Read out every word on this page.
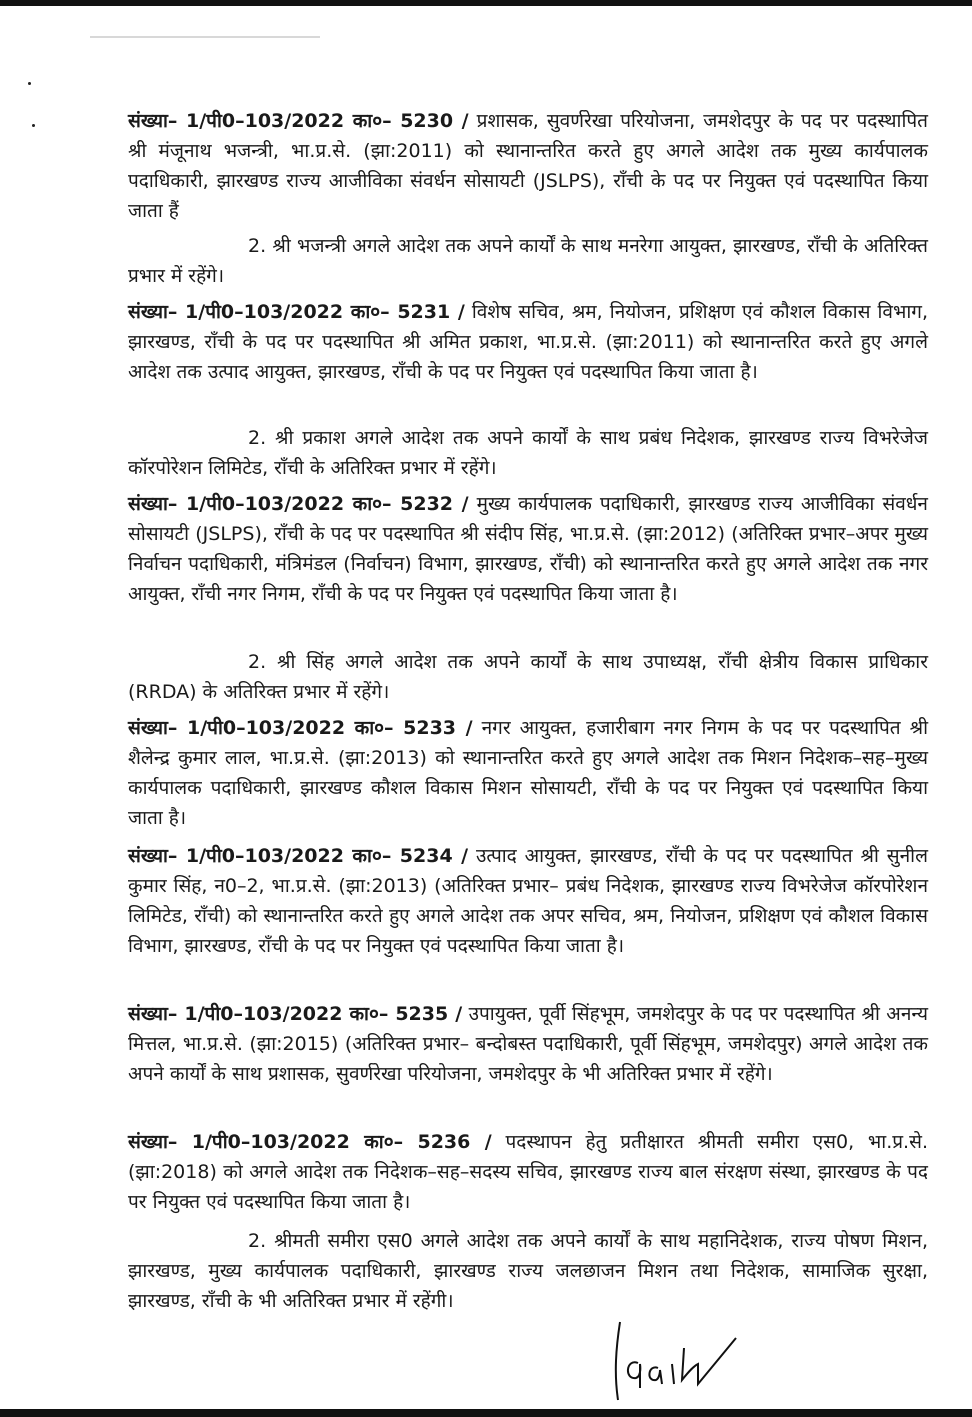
संख्या– 1/पी0–103/2022 का०– 5230 / प्रशासक, सुवर्णरेखा परियोजना, जमशेदपुर के पद पर पदस्थापित श्री मंजूनाथ भजन्त्री, भा.प्र.से. (झा:2011) को स्थानान्तरित करते हुए अगले आदेश तक मुख्य कार्यपालक पदाधिकारी, झारखण्ड राज्य आजीविका संवर्धन सोसायटी (JSLPS), राँची के पद पर नियुक्त एवं पदस्थापित किया जाता हैं
2. श्री भजन्त्री अगले आदेश तक अपने कार्यों के साथ मनरेगा आयुक्त, झारखण्ड, राँची के अतिरिक्त प्रभार में रहेंगे।
संख्या– 1/पी0–103/2022 का०– 5231 / विशेष सचिव, श्रम, नियोजन, प्रशिक्षण एवं कौशल विकास विभाग, झारखण्ड, राँची के पद पर पदस्थापित श्री अमित प्रकाश, भा.प्र.से. (झा:2011) को स्थानान्तरित करते हुए अगले आदेश तक उत्पाद आयुक्त, झारखण्ड, राँची के पद पर नियुक्त एवं पदस्थापित किया जाता है।
2. श्री प्रकाश अगले आदेश तक अपने कार्यों के साथ प्रबंध निदेशक, झारखण्ड राज्य विभरेजेज कॉरपोरेशन लिमिटेड, राँची के अतिरिक्त प्रभार में रहेंगे।
संख्या– 1/पी0–103/2022 का०– 5232 / मुख्य कार्यपालक पदाधिकारी, झारखण्ड राज्य आजीविका संवर्धन सोसायटी (JSLPS), राँची के पद पर पदस्थापित श्री संदीप सिंह, भा.प्र.से. (झा:2012) (अतिरिक्त प्रभार–अपर मुख्य निर्वाचन पदाधिकारी, मंत्रिमंडल (निर्वाचन) विभाग, झारखण्ड, राँची) को स्थानान्तरित करते हुए अगले आदेश तक नगर आयुक्त, राँची नगर निगम, राँची के पद पर नियुक्त एवं पदस्थापित किया जाता है।
2. श्री सिंह अगले आदेश तक अपने कार्यों के साथ उपाध्यक्ष, राँची क्षेत्रीय विकास प्राधिकार (RRDA) के अतिरिक्त प्रभार में रहेंगे।
संख्या– 1/पी0–103/2022 का०– 5233 / नगर आयुक्त, हजारीबाग नगर निगम के पद पर पदस्थापित श्री शैलेन्द्र कुमार लाल, भा.प्र.से. (झा:2013) को स्थानान्तरित करते हुए अगले आदेश तक मिशन निदेशक–सह–मुख्य कार्यपालक पदाधिकारी, झारखण्ड कौशल विकास मिशन सोसायटी, राँची के पद पर नियुक्त एवं पदस्थापित किया जाता है।
संख्या– 1/पी0–103/2022 का०– 5234 / उत्पाद आयुक्त, झारखण्ड, राँची के पद पर पदस्थापित श्री सुनील कुमार सिंह, न0–2, भा.प्र.से. (झा:2013) (अतिरिक्त प्रभार– प्रबंध निदेशक, झारखण्ड राज्य विभरेजेज कॉरपोरेशन लिमिटेड, राँची) को स्थानान्तरित करते हुए अगले आदेश तक अपर सचिव, श्रम, नियोजन, प्रशिक्षण एवं कौशल विकास विभाग, झारखण्ड, राँची के पद पर नियुक्त एवं पदस्थापित किया जाता है।
संख्या– 1/पी0–103/2022 का०– 5235 / उपायुक्त, पूर्वी सिंहभूम, जमशेदपुर के पद पर पदस्थापित श्री अनन्य मित्तल, भा.प्र.से. (झा:2015) (अतिरिक्त प्रभार– बन्दोबस्त पदाधिकारी, पूर्वी सिंहभूम, जमशेदपुर) अगले आदेश तक अपने कार्यों के साथ प्रशासक, सुवर्णरेखा परियोजना, जमशेदपुर के भी अतिरिक्त प्रभार में रहेंगे।
संख्या– 1/पी0–103/2022 का०– 5236 / पदस्थापन हेतु प्रतीक्षारत श्रीमती समीरा एस0, भा.प्र.से. (झा:2018) को अगले आदेश तक निदेशक–सह–सदस्य सचिव, झारखण्ड राज्य बाल संरक्षण संस्था, झारखण्ड के पद पर नियुक्त एवं पदस्थापित किया जाता है।
2. श्रीमती समीरा एस0 अगले आदेश तक अपने कार्यों के साथ महानिदेशक, राज्य पोषण मिशन, झारखण्ड, मुख्य कार्यपालक पदाधिकारी, झारखण्ड राज्य जलछाजन मिशन तथा निदेशक, सामाजिक सुरक्षा, झारखण्ड, राँची के भी अतिरिक्त प्रभार में रहेंगी।
